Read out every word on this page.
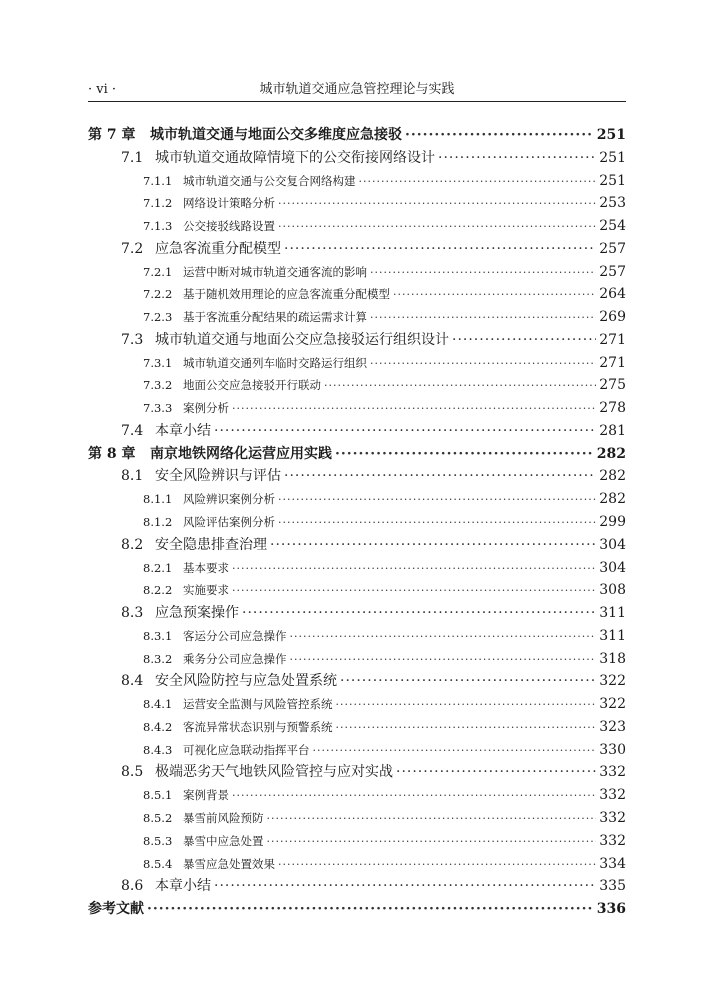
· vi ·	城市轨道交通应急管控理论与实践
第 7 章	城市轨道交通与地面公交多维度应急接驳 ·····	251
7.1 城市轨道交通故障情境下的公交衔接网络设计 ·····	251
7.1.1 城市轨道交通与公交复合网络构建 ·····	251
7.1.2 网络设计策略分析 ·····	253
7.1.3 公交接驳线路设置 ·····	254
7.2 应急客流重分配模型 ·····	257
7.2.1 运营中断对城市轨道交通客流的影响 ·····	257
7.2.2 基于随机效用理论的应急客流重分配模型 ·····	264
7.2.3 基于客流重分配结果的疏运需求计算 ·····	269
7.3 城市轨道交通与地面公交应急接驳运行组织设计 ·····	271
7.3.1 城市轨道交通列车临时交路运行组织 ·····	271
7.3.2 地面公交应急接驳开行联动 ·····	275
7.3.3 案例分析 ·····	278
7.4 本章小结 ·····	281
第 8 章	南京地铁网络化运营应用实践 ·····	282
8.1 安全风险辨识与评估 ·····	282
8.1.1 风险辨识案例分析 ·····	282
8.1.2 风险评估案例分析 ·····	299
8.2 安全隐患排查治理 ·····	304
8.2.1 基本要求 ·····	304
8.2.2 实施要求 ·····	308
8.3 应急预案操作 ·····	311
8.3.1 客运分公司应急操作 ·····	311
8.3.2 乘务分公司应急操作 ·····	318
8.4 安全风险防控与应急处置系统 ·····	322
8.4.1 运营安全监测与风险管控系统 ·····	322
8.4.2 客流异常状态识别与预警系统 ·····	323
8.4.3 可视化应急联动指挥平台 ·····	330
8.5 极端恶劣天气地铁风险管控与应对实战 ·····	332
8.5.1 案例背景 ·····	332
8.5.2 暴雪前风险预防 ·····	332
8.5.3 暴雪中应急处置 ·····	332
8.5.4 暴雪应急处置效果 ·····	334
8.6 本章小结 ·····	335
参考文献 ·····	336
